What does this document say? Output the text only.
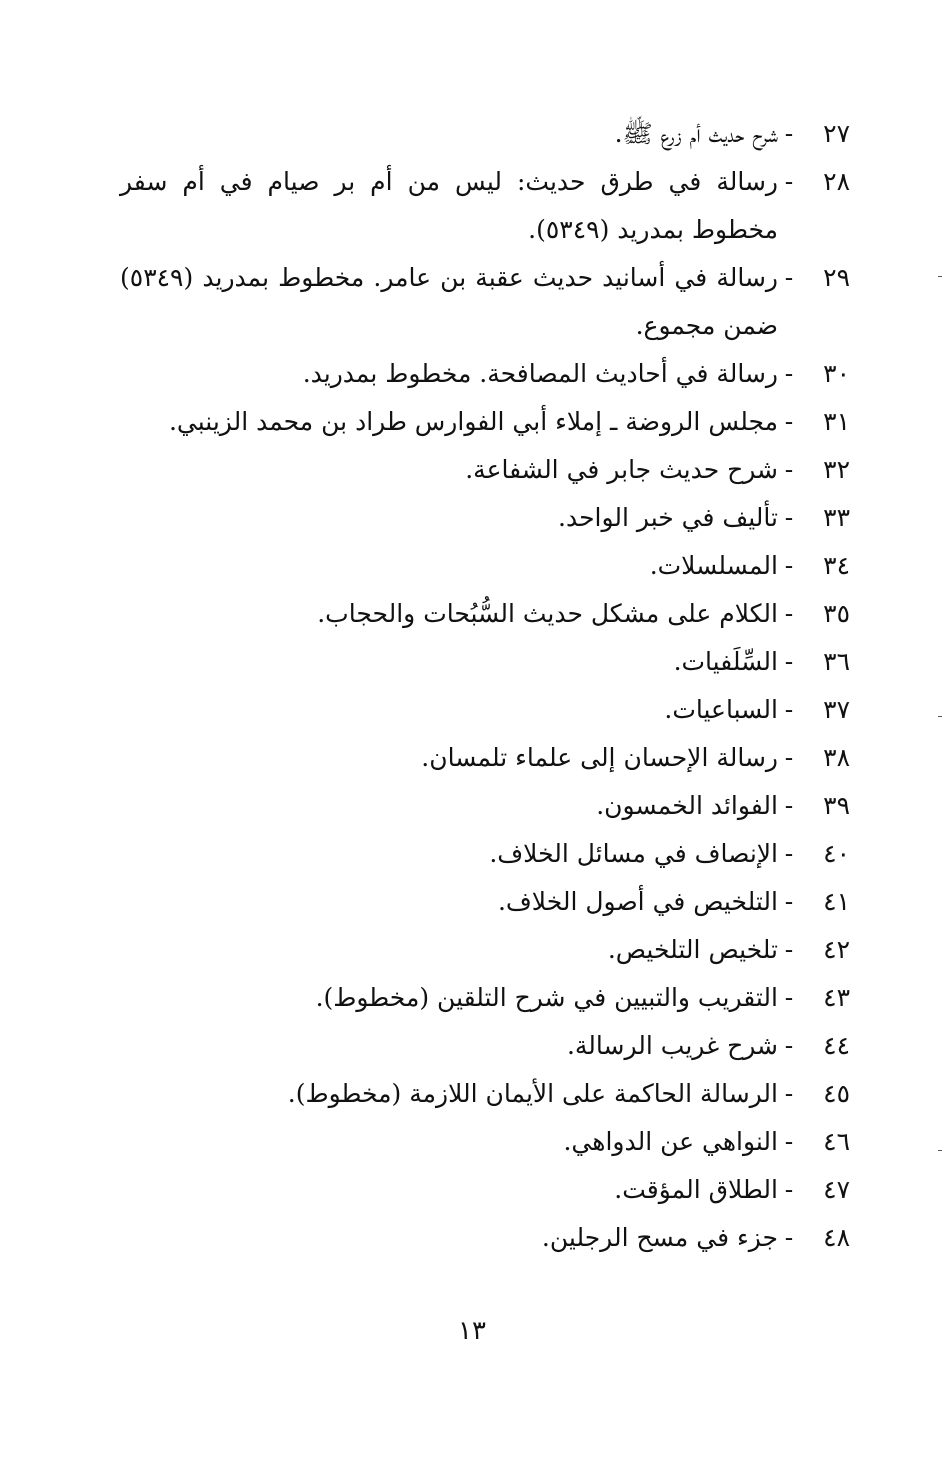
٢٧
-
شرح حديث أم زرع ﷺ.
٢٨
-
رسالة في طرق حديث: ليس من أم بر صيام في أم سفر مخطوط بمدريد (٥٣٤٩).
٢٩
-
رسالة في أسانيد حديث عقبة بن عامر. مخطوط بمدريد (٥٣٤٩) ضمن مجموع.
٣٠
-
رسالة في أحاديث المصافحة. مخطوط بمدريد.
٣١
-
مجلس الروضة ـ إملاء أبي الفوارس طراد بن محمد الزينبي.
٣٢
-
شرح حديث جابر في الشفاعة.
٣٣
-
تأليف في خبر الواحد.
٣٤
-
المسلسلات.
٣٥
-
الكلام على مشكل حديث السُّبُحات والحجاب.
٣٦
-
السِّلَفيات.
٣٧
-
السباعيات.
٣٨
-
رسالة الإحسان إلى علماء تلمسان.
٣٩
-
الفوائد الخمسون.
٤٠
-
الإنصاف في مسائل الخلاف.
٤١
-
التلخيص في أصول الخلاف.
٤٢
-
تلخيص التلخيص.
٤٣
-
التقريب والتبيين في شرح التلقين (مخطوط).
٤٤
-
شرح غريب الرسالة.
٤٥
-
الرسالة الحاكمة على الأيمان اللازمة (مخطوط).
٤٦
-
النواهي عن الدواهي.
٤٧
-
الطلاق المؤقت.
٤٨
-
جزء في مسح الرجلين.
١٣
